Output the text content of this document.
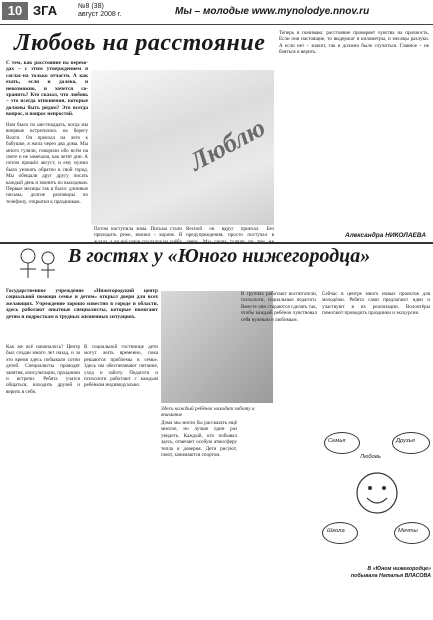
10 ЗГА	№8 (38)
август 2008 г.	Мы – молодые www.mynolodye.nnov.ru
Любовь на расстояние
С тем, как расстояние на перехо-дах – с этим утверждением я соглас-на только отчасти. А как ехать, если и далеко, и невозможно, и хочется со-хранить? Кто сказал, что любовь – это всегда отношения, которые должны быть рядом? Это всегда вопрос, и вопрос непростой.
Нам было по шестнадцать, когда мы впервые встретились на берегу Волги. Он приехал на лето к бабушке, я жила через два дома. Мы много гуляли, говорили обо всём на свете и не замечали, как летят дни. А потом пришёл август, и ему нужно было уезжать обратно в свой город. Мы обещали друг другу писать каждый день и звонить по выходным. Первые месяцы так и было: длинные письма, долгие разговоры по телефону, открытки к праздникам.
Люблю
Потом наступила зима. Письма стали приходить реже, звонки – короче. Я
Весной он вдруг приехал. Без предупреждения, просто постучал в
Теперь я понимаю: расстояние проверяет чувства на прочность. Если они настоящие, то выдержат и километры, и месяцы разлуки. А если нет – значит, так и должно было случиться. Главное – не бояться и верить.
Александра НИКОЛАЕВА
В гостях у «Юного нижегородца»
Государственное учреждение «Нижегородский центр социальной помощи семье и детям» открыл двери для всех желающих. Учреждение хорошо известно в городе и области, здесь работают опытные специалисты, которые помогают детям и подросткам в трудных жизненных ситуациях.
Как же всё начиналось? Центр был создан много лет назад, и за это время здесь побывали сотни детей. Специалисты проводят занятия, консультации, праздники и встречи. Ребята учатся общаться, находить друзей и верить в себя.
В социальной гостинице дети могут жить временно, пока решаются проблемы в семье. Здесь им обеспечивают питание, уход и заботу. Педагоги и психологи работают с каждым ребёнком индивидуально.
Здесь каждый ребёнок находит заботу и внимание
Дома мы могли бы рассказать ещё многое, но лучше один раз увидеть. Каждый, кто побывал здесь, отмечает особую атмосферу тепла и доверия. Дети рисуют, поют, занимаются спортом.
В группах работают воспитатели, психологи, социальные педагоги. Вместе они стараются сделать так, чтобы каждый ребёнок чувствовал себя нужным и любимым.
Сейчас в центре много новых проектов для молодёжи. Ребята сами предлагают идеи и участвуют в их реализации. Волонтёры помогают проводить праздники и экскурсии.
Семья	Друзья
Школа	Мечты
Любовь
В «Юном нижегородце» побывала Наталья ВЛАСОВА
